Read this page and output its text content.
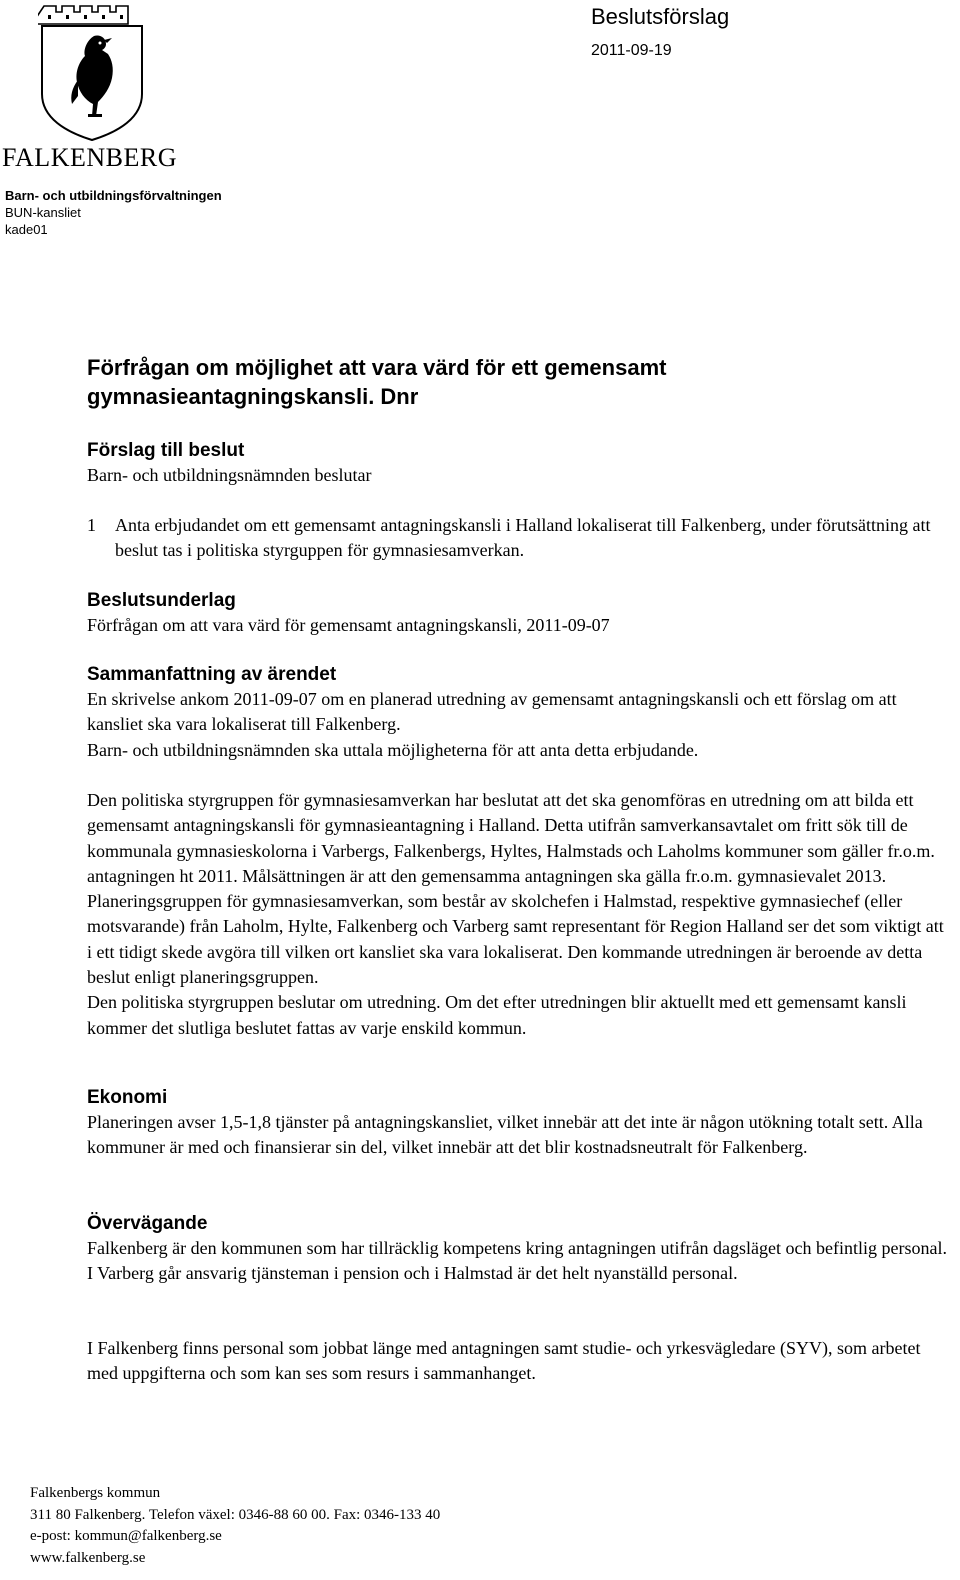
FALKENBERG
Beslutsförslag
2011-09-19
Barn- och utbildningsförvaltningen
BUN-kansliet
kade01
Förfrågan om möjlighet att vara värd för ett gemensamt gymnasieantagningskansli. Dnr
Förslag till beslut

Barn- och utbildningsnämnden beslutar

1	Anta erbjudandet om ett gemensamt antagningskansli i Halland lokaliserat till Falkenberg, under förutsättning att beslut tas i politiska styrguppen för gymnasiesamverkan.
Beslutsunderlag

Förfrågan om att vara värd för gemensamt antagningskansli, 2011-09-07

Sammanfattning av ärendet

En skrivelse ankom 2011-09-07 om en planerad utredning av gemensamt antagningskansli och ett förslag om att kansliet ska vara lokaliserat till Falkenberg.

Barn- och utbildningsnämnden ska uttala möjligheterna för att anta detta erbjudande.

Den politiska styrgruppen för gymnasiesamverkan har beslutat att det ska genomföras en utredning om att bilda ett gemensamt antagningskansli för gymnasieantagning i Halland. Detta utifrån samverkansavtalet om fritt sök till de kommunala gymnasieskolorna i Varbergs, Falkenbergs, Hyltes, Halmstads och Laholms kommuner som gäller fr.o.m. antagningen ht 2011. Målsättningen är att den gemensamma antagningen ska gälla fr.o.m. gymnasievalet 2013.

Planeringsgruppen för gymnasiesamverkan, som består av skolchefen i Halmstad, respektive gymnasiechef (eller motsvarande) från Laholm, Hylte, Falkenberg och Varberg samt representant för Region Halland ser det som viktigt att i ett tidigt skede avgöra till vilken ort kansliet ska vara lokaliserat. Den kommande utredningen är beroende av detta beslut enligt planeringsgruppen.

Den politiska styrgruppen beslutar om utredning. Om det efter utredningen blir aktuellt med ett gemensamt kansli kommer det slutliga beslutet fattas av varje enskild kommun.

Ekonomi

Planeringen avser 1,5-1,8 tjänster på antagningskansliet, vilket innebär att det inte är någon utökning totalt sett. Alla kommuner är med och finansierar sin del, vilket innebär att det blir kostnadsneutralt för Falkenberg.

Övervägande

Falkenberg är den kommunen som har tillräcklig kompetens kring antagningen utifrån dagsläget och befintlig personal. I Varberg går ansvarig tjänsteman i pension och i Halmstad är det helt nyanställd personal.

I Falkenberg finns personal som jobbat länge med antagningen samt studie- och yrkesvägledare (SYV), som arbetet med uppgifterna och som kan ses som resurs i sammanhanget.

Falkenbergs kommun
311 80 Falkenberg. Telefon växel: 0346-88 60 00. Fax: 0346-133 40
e-post: kommun@falkenberg.se
www.falkenberg.se
